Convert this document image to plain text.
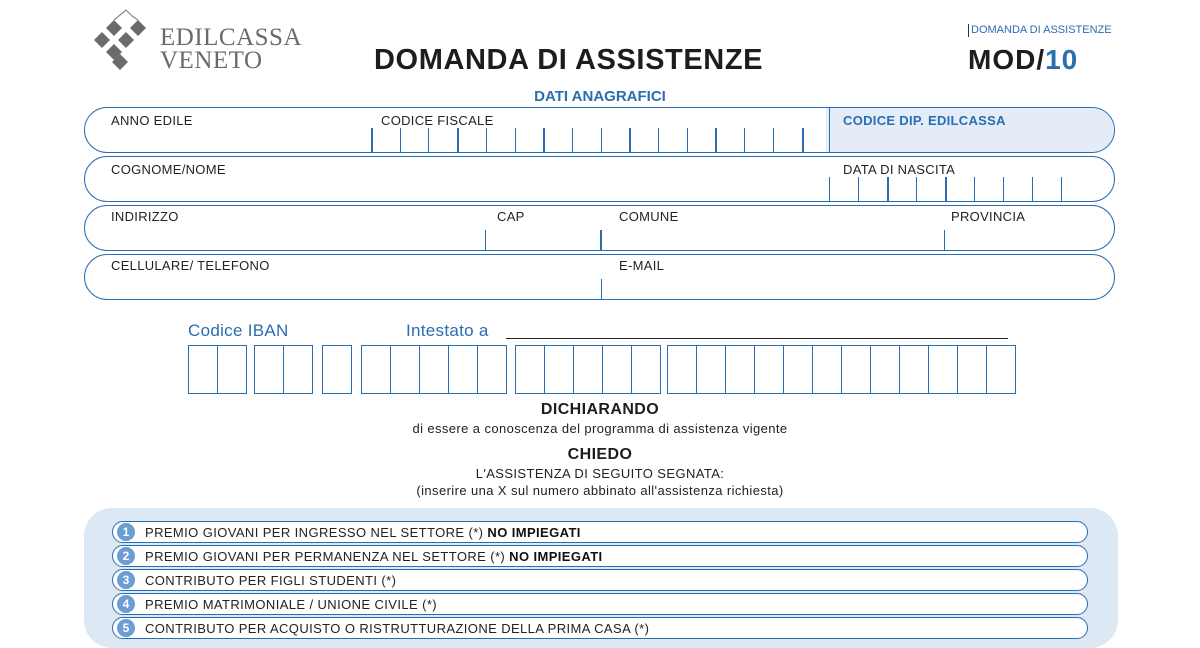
EDILCASSA
VENETO	DOMANDA DI ASSISTENZE
DOMANDA DI ASSISTENZE
MOD/10
DATI ANAGRAFICI
ANNO EDILE	CODICE FISCALE	CODICE DIP. EDILCASSA
COGNOME/NOME	DATA DI NASCITA
INDIRIZZO	CAP	COMUNE	PROVINCIA
CELLULARE/ TELEFONO	E-MAIL
Codice IBAN	Intestato a
DICHIARANDO
di essere a conoscenza del programma di assistenza vigente
CHIEDO
L'ASSISTENZA DI SEGUITO SEGNATA:
(inserire una X sul numero abbinato all'assistenza richiesta)
1	PREMIO GIOVANI PER INGRESSO NEL SETTORE (*) NO IMPIEGATI
2	PREMIO GIOVANI PER PERMANENZA NEL SETTORE (*) NO IMPIEGATI
3	CONTRIBUTO PER FIGLI STUDENTI (*)
4	PREMIO MATRIMONIALE / UNIONE CIVILE (*)
5	CONTRIBUTO PER ACQUISTO O RISTRUTTURAZIONE DELLA PRIMA CASA (*)
